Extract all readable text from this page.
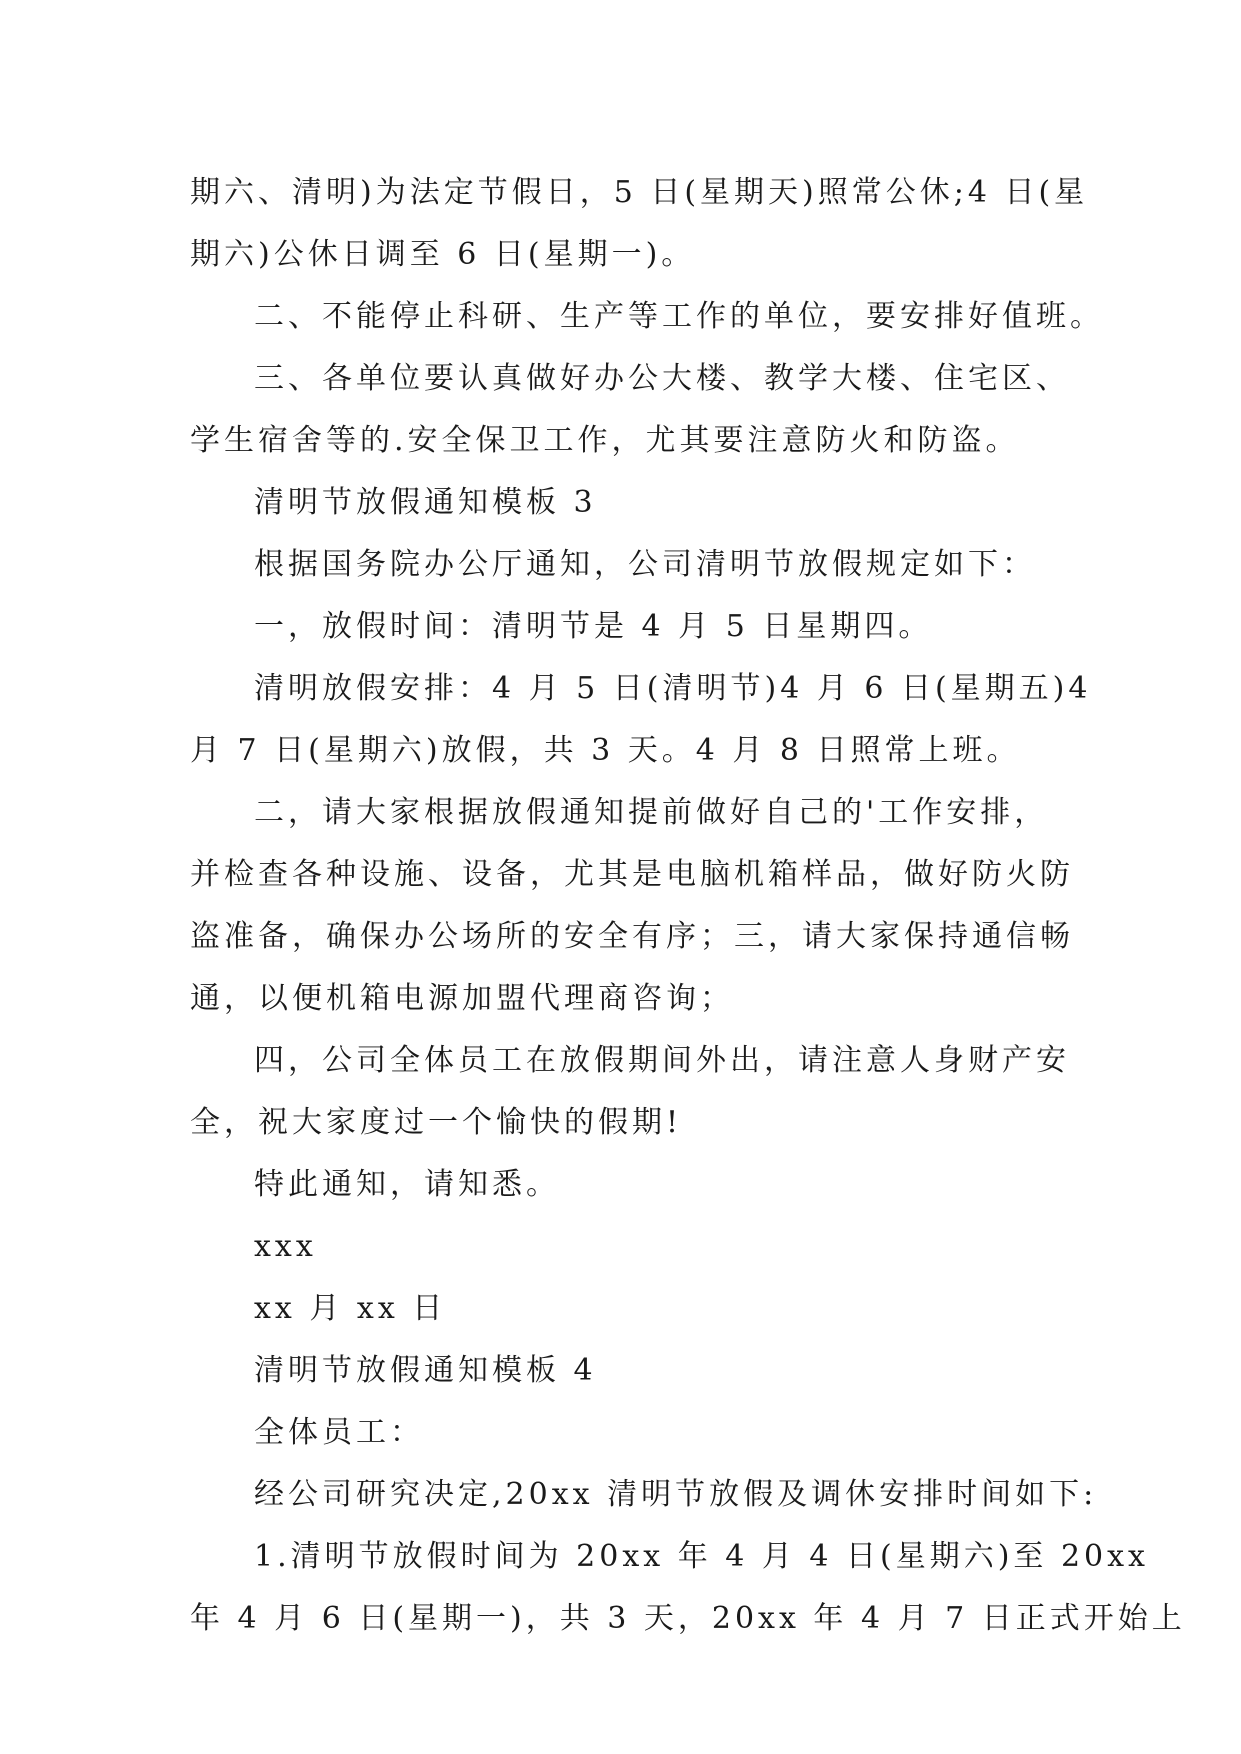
期六、清明)为法定节假日，5 日(星期天)照常公休;4 日(星
期六)公休日调至 6 日(星期一)。
二、不能停止科研、生产等工作的单位，要安排好值班。
三、各单位要认真做好办公大楼、教学大楼、住宅区、
学生宿舍等的.安全保卫工作，尤其要注意防火和防盗。
清明节放假通知模板 3
根据国务院办公厅通知，公司清明节放假规定如下：
一，放假时间：清明节是 4 月 5 日星期四。
清明放假安排：4 月 5 日(清明节)4 月 6 日(星期五)4
月 7 日(星期六)放假，共 3 天。4 月 8 日照常上班。
二，请大家根据放假通知提前做好自己的'工作安排，
并检查各种设施、设备，尤其是电脑机箱样品，做好防火防
盗准备，确保办公场所的安全有序；三，请大家保持通信畅
通，以便机箱电源加盟代理商咨询；
四，公司全体员工在放假期间外出，请注意人身财产安
全，祝大家度过一个愉快的假期!
特此通知，请知悉。
xxx
xx 月 xx 日
清明节放假通知模板 4
全体员工：
经公司研究决定,20xx 清明节放假及调休安排时间如下:
1.清明节放假时间为 20xx 年 4 月 4 日(星期六)至 20xx
年 4 月 6 日(星期一)，共 3 天，20xx 年 4 月 7 日正式开始上
